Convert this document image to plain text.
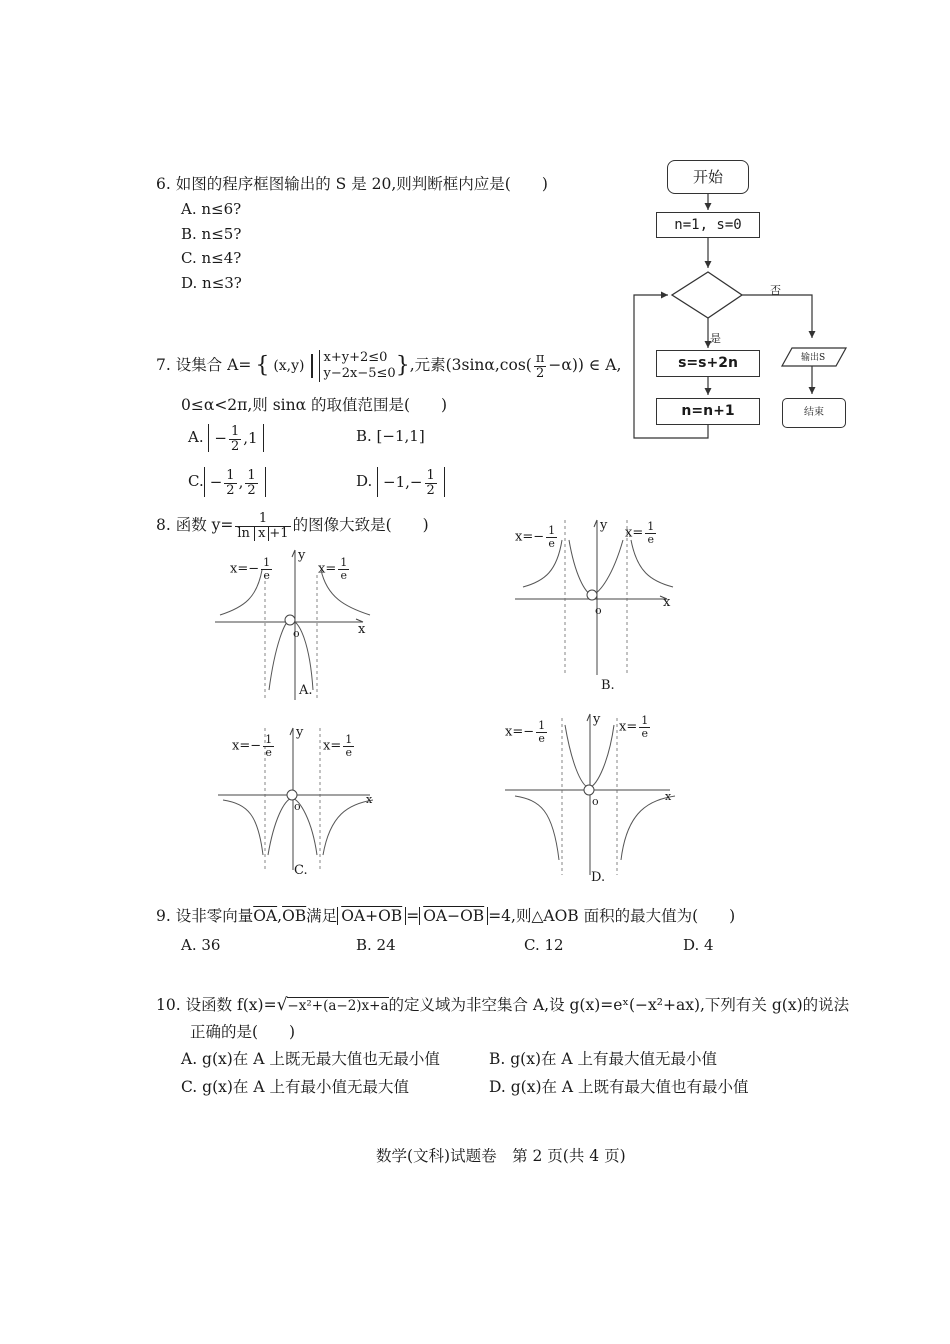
6. 如图的程序框图输出的 S 是 20,则判断框内应是(　　)
A. n≤6?
B. n≤5?
C. n≤4?
D. n≤3?
开始
n=1, s=0
否
是
s=s+2n
n=n+1
输出S
结束
7. 设集合 A= { (x,y)
x+y+2≤0
y−2x−5≤0 },元素$(3\sin\alpha,\cos( \frac{\pi}{2} -\alpha))$ ∈ A,
0≤α<2π,则 sinα 的取值范围是(　　)
A. − $\frac{1}{2} ,1$	B. [−1,1]
C. − $\frac{1}{2}$ , $\frac{1}{2}$	D. $-1,- \frac{1}{2}$
8. 函数 $y= \frac{1}{\text{ln x +1}}$ 的图像大致是(　　)
$x=- \frac{1}{e}$	$x= \frac{1}{e}$
y
x
o
A.
$x=- \frac{1}{e}$	$x= \frac{1}{e}$
y
x
o
B.
$x=- \frac{1}{e}$	$x= \frac{1}{e}$
y
x
o
C.
$x=- \frac{1}{e}$	$x= \frac{1}{e}$
y
x
o
D.
9. 设非零向量$\overline{OA},\overline{OB}$满足 OA+OB = OA−OB =4,则△AOB 面积的最大值为(　　)
A. 36	B. 24	C. 12	D. 4
10. 设函数 f(x)=√−x²+(a−2)x+a的定义域为非空集合 A,设 g(x)=eˣ(−x²+ax),下列有关 g(x)的说法
正确的是(　　)
A. g(x)在 A 上既无最大值也无最小值	B. g(x)在 A 上有最大值无最小值
C. g(x)在 A 上有最小值无最大值	D. g(x)在 A 上既有最大值也有最小值
数学(文科)试题卷　第 2 页(共 4 页)
